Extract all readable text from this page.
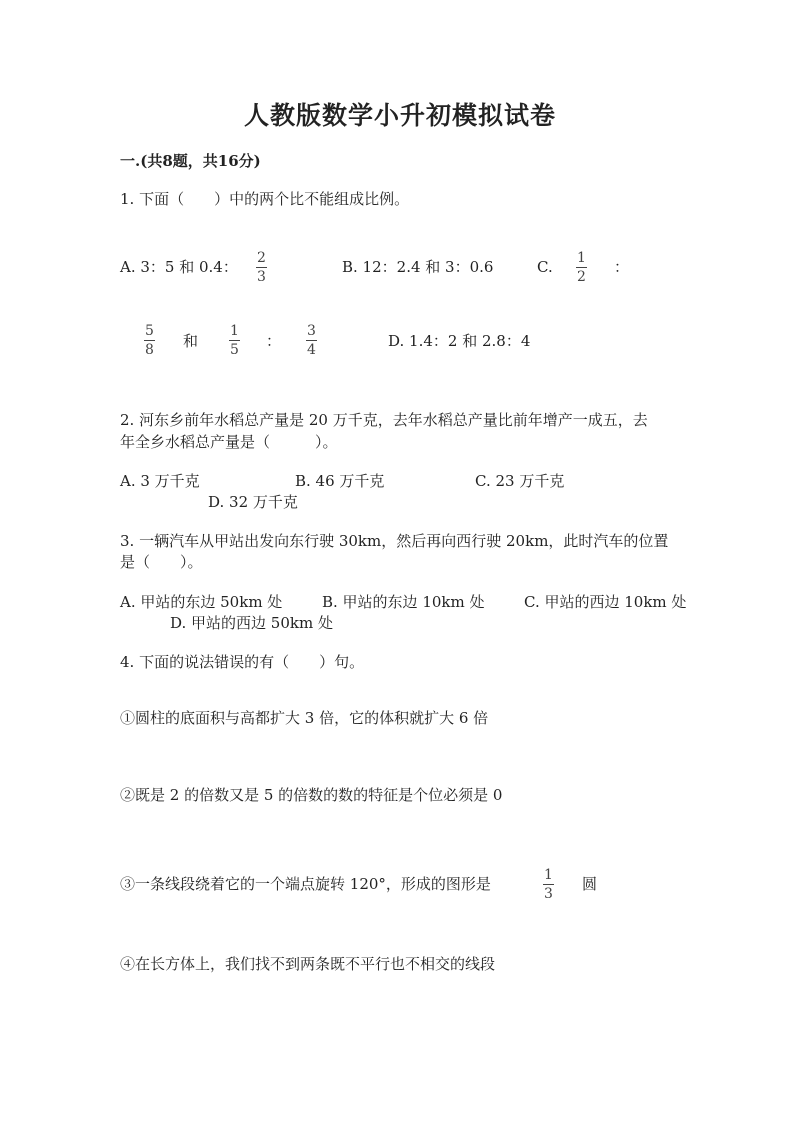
人教版数学小升初模拟试卷
一.(共8题，共16分)
1. 下面（　　）中的两个比不能组成比例。
A. 3：5 和 0.4： $\frac{2}{3}$	B. 12：2.4 和 3：0.6	C. $\frac{1}{2}$ ：
$\frac{5}{8}$ 和 $\frac{1}{5}$ ： $\frac{3}{4}$	D. 1.4：2 和 2.8：4
2. 河东乡前年水稻总产量是 20 万千克，去年水稻总产量比前年增产一成五，去
年全乡水稻总产量是（　　　）。
A. 3 万千克	B. 46 万千克	C. 23 万千克
D. 32 万千克
3. 一辆汽车从甲站出发向东行驶 30km，然后再向西行驶 20km，此时汽车的位置
是（　　）。
A. 甲站的东边 50km 处	B. 甲站的东边 10km 处	C. 甲站的西边 10km 处
D. 甲站的西边 50km 处
4. 下面的说法错误的有（　　）句。
①圆柱的底面积与高都扩大 3 倍，它的体积就扩大 6 倍
②既是 2 的倍数又是 5 的倍数的数的特征是个位必须是 0
③一条线段绕着它的一个端点旋转 120°，形成的图形是	$\frac{1}{3}$ 圆
④在长方体上，我们找不到两条既不平行也不相交的线段
